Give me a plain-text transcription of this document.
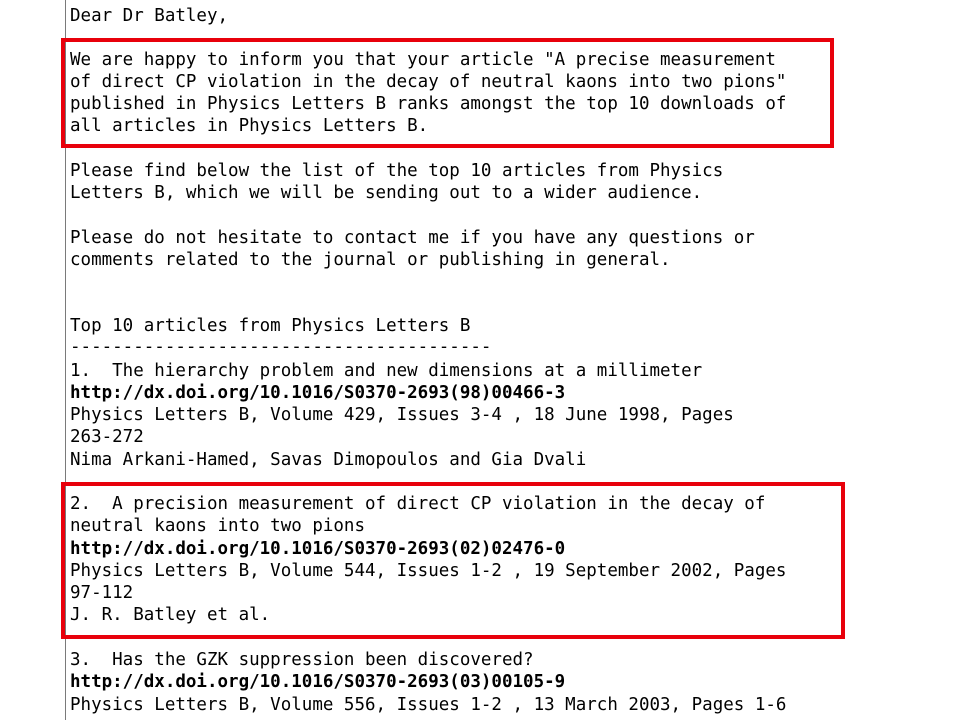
Dear Dr Batley,
We are happy to inform you that your article "A precise measurement
of direct CP violation in the decay of neutral kaons into two pions"
published in Physics Letters B ranks amongst the top 10 downloads of
all articles in Physics Letters B.
Please find below the list of the top 10 articles from Physics
Letters B, which we will be sending out to a wider audience.
Please do not hesitate to contact me if you have any questions or
comments related to the journal or publishing in general.
Top 10 articles from Physics Letters B
----------------------------------------
1.  The hierarchy problem and new dimensions at a millimeter
http://dx.doi.org/10.1016/S0370-2693(98)00466-3
Physics Letters B, Volume 429, Issues 3-4 , 18 June 1998, Pages
263-272
Nima Arkani-Hamed, Savas Dimopoulos and Gia Dvali
2.  A precision measurement of direct CP violation in the decay of
neutral kaons into two pions
http://dx.doi.org/10.1016/S0370-2693(02)02476-0
Physics Letters B, Volume 544, Issues 1-2 , 19 September 2002, Pages
97-112
J. R. Batley et al.
3.  Has the GZK suppression been discovered?
http://dx.doi.org/10.1016/S0370-2693(03)00105-9
Physics Letters B, Volume 556, Issues 1-2 , 13 March 2003, Pages 1-6
